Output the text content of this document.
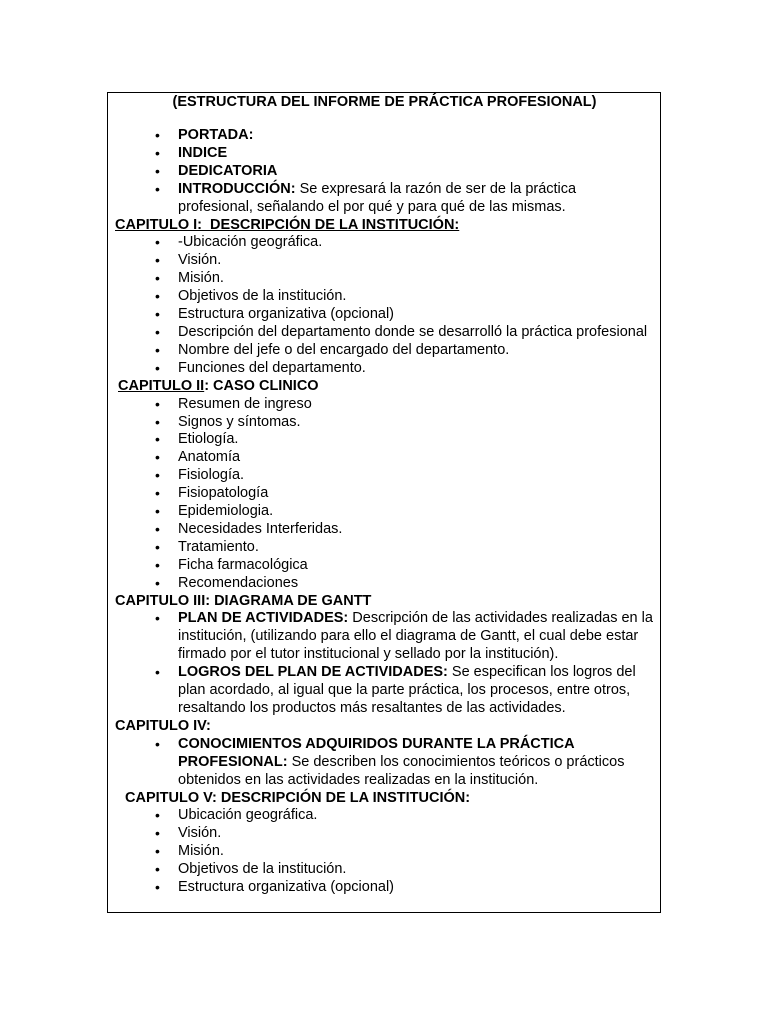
(ESTRUCTURA DEL INFORME DE PRÁCTICA PROFESIONAL)
• PORTADA:
• INDICE
• DEDICATORIA
• INTRODUCCIÓN: Se expresará la razón de ser de la práctica profesional, señalando el por qué y para qué de las mismas.
CAPITULO I:  DESCRIPCIÓN DE LA INSTITUCIÓN:
• -Ubicación geográfica.
• Visión.
• Misión.
• Objetivos de la institución.
• Estructura organizativa (opcional)
• Descripción del departamento donde se desarrolló la práctica profesional
• Nombre del jefe o del encargado del departamento.
• Funciones del departamento.
CAPITULO II: CASO CLINICO
• Resumen de ingreso
• Signos y síntomas.
• Etiología.
• Anatomía
• Fisiología.
• Fisiopatología
• Epidemiologia.
• Necesidades Interferidas.
• Tratamiento.
• Ficha farmacológica
• Recomendaciones
CAPITULO III: DIAGRAMA DE GANTT
• PLAN DE ACTIVIDADES: Descripción de las actividades realizadas en la institución, (utilizando para ello el diagrama de Gantt, el cual debe estar firmado por el tutor institucional y sellado por la institución).
• LOGROS DEL PLAN DE ACTIVIDADES: Se especifican los logros del plan acordado, al igual que la parte práctica, los procesos, entre otros, resaltando los productos más resaltantes de las actividades.
CAPITULO IV:
• CONOCIMIENTOS ADQUIRIDOS DURANTE LA PRÁCTICA PROFESIONAL: Se describen los conocimientos teóricos o prácticos obtenidos en las actividades realizadas en la institución.
CAPITULO V: DESCRIPCIÓN DE LA INSTITUCIÓN:
• Ubicación geográfica.
• Visión.
• Misión.
• Objetivos de la institución.
• Estructura organizativa (opcional)
